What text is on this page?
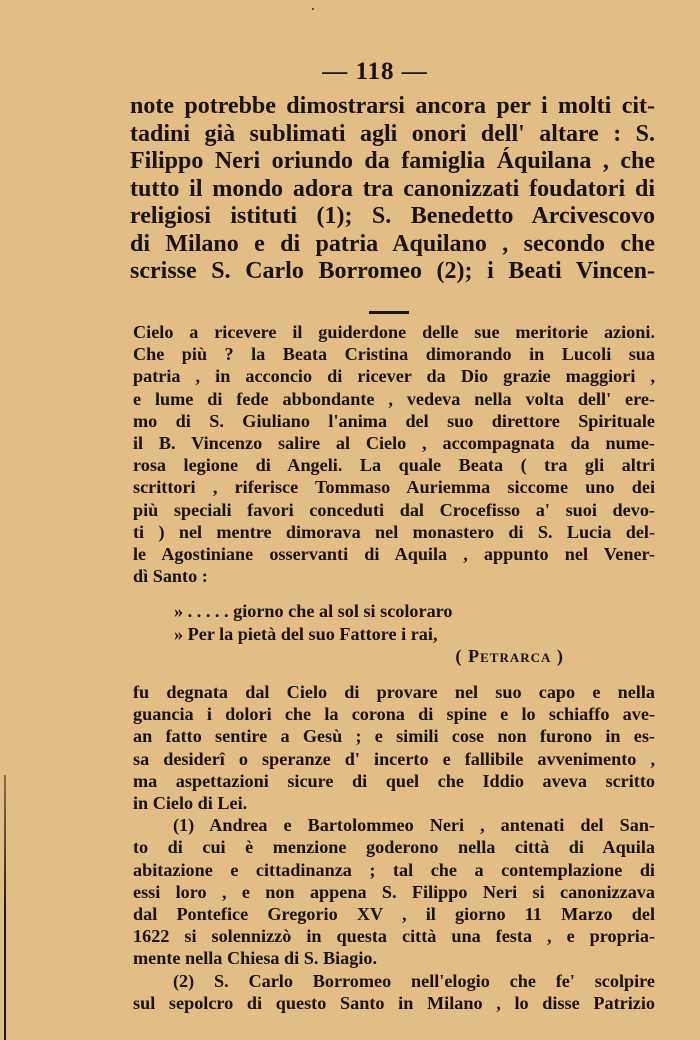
— 118 —
note potrebbe dimostrarsi ancora per i molti cit-
tadini già sublimati agli onori dell' altare : S.
Filippo Neri oriundo da famiglia Áquilana , che
tutto il mondo adora tra canonizzati foudatori di
religiosi istituti (1); S. Benedetto Arcivescovo
di Milano e di patria Aquilano , secondo che
scrisse S. Carlo Borromeo (2); i Beati Vincen-
Cielo a ricevere il guiderdone delle sue meritorie azioni.
Che più ? la Beata Cristina dimorando in Lucoli sua
patria , in acconcio di ricever da Dio grazie maggiori ,
e lume di fede abbondante , vedeva nella volta dell' ere-
mo di S. Giuliano l'anima del suo direttore Spirituale
il B. Vincenzo salire al Cielo , accompagnata da nume-
rosa legione di Angeli. La quale Beata ( tra gli altri
scrittori , riferisce Tommaso Auriemma siccome uno dei
più speciali favori conceduti dal Crocefisso a' suoi devo-
ti ) nel mentre dimorava nel monastero di S. Lucia del-
le Agostiniane osservanti di Aquila , appunto nel Vener-
dì Santo :
» . . . . . giorno che al sol si scoloraro
» Per la pietà del suo Fattore i rai,
( Petrarca )
fu degnata dal Cielo di provare nel suo capo e nella
guancia i dolori che la corona di spine e lo schiaffo ave-
an fatto sentire a Gesù ; e simili cose non furono in es-
sa desiderî o speranze d' incerto e fallibile avvenimento ,
ma aspettazioni sicure di quel che Iddio aveva scritto
in Cielo di Lei.
(1) Andrea e Bartolommeo Neri , antenati del San-
to di cui è menzione goderono nella città di Aquila
abitazione e cittadinanza ; tal che a contemplazione di
essi loro , e non appena S. Filippo Neri si canonizzava
dal Pontefice Gregorio XV , il giorno 11 Marzo del
1622 si solennizzò in questa città una festa , e propria-
mente nella Chiesa di S. Biagio.
(2) S. Carlo Borromeo nell'elogio che fe' scolpire
sul sepolcro di questo Santo in Milano , lo disse Patrizio
